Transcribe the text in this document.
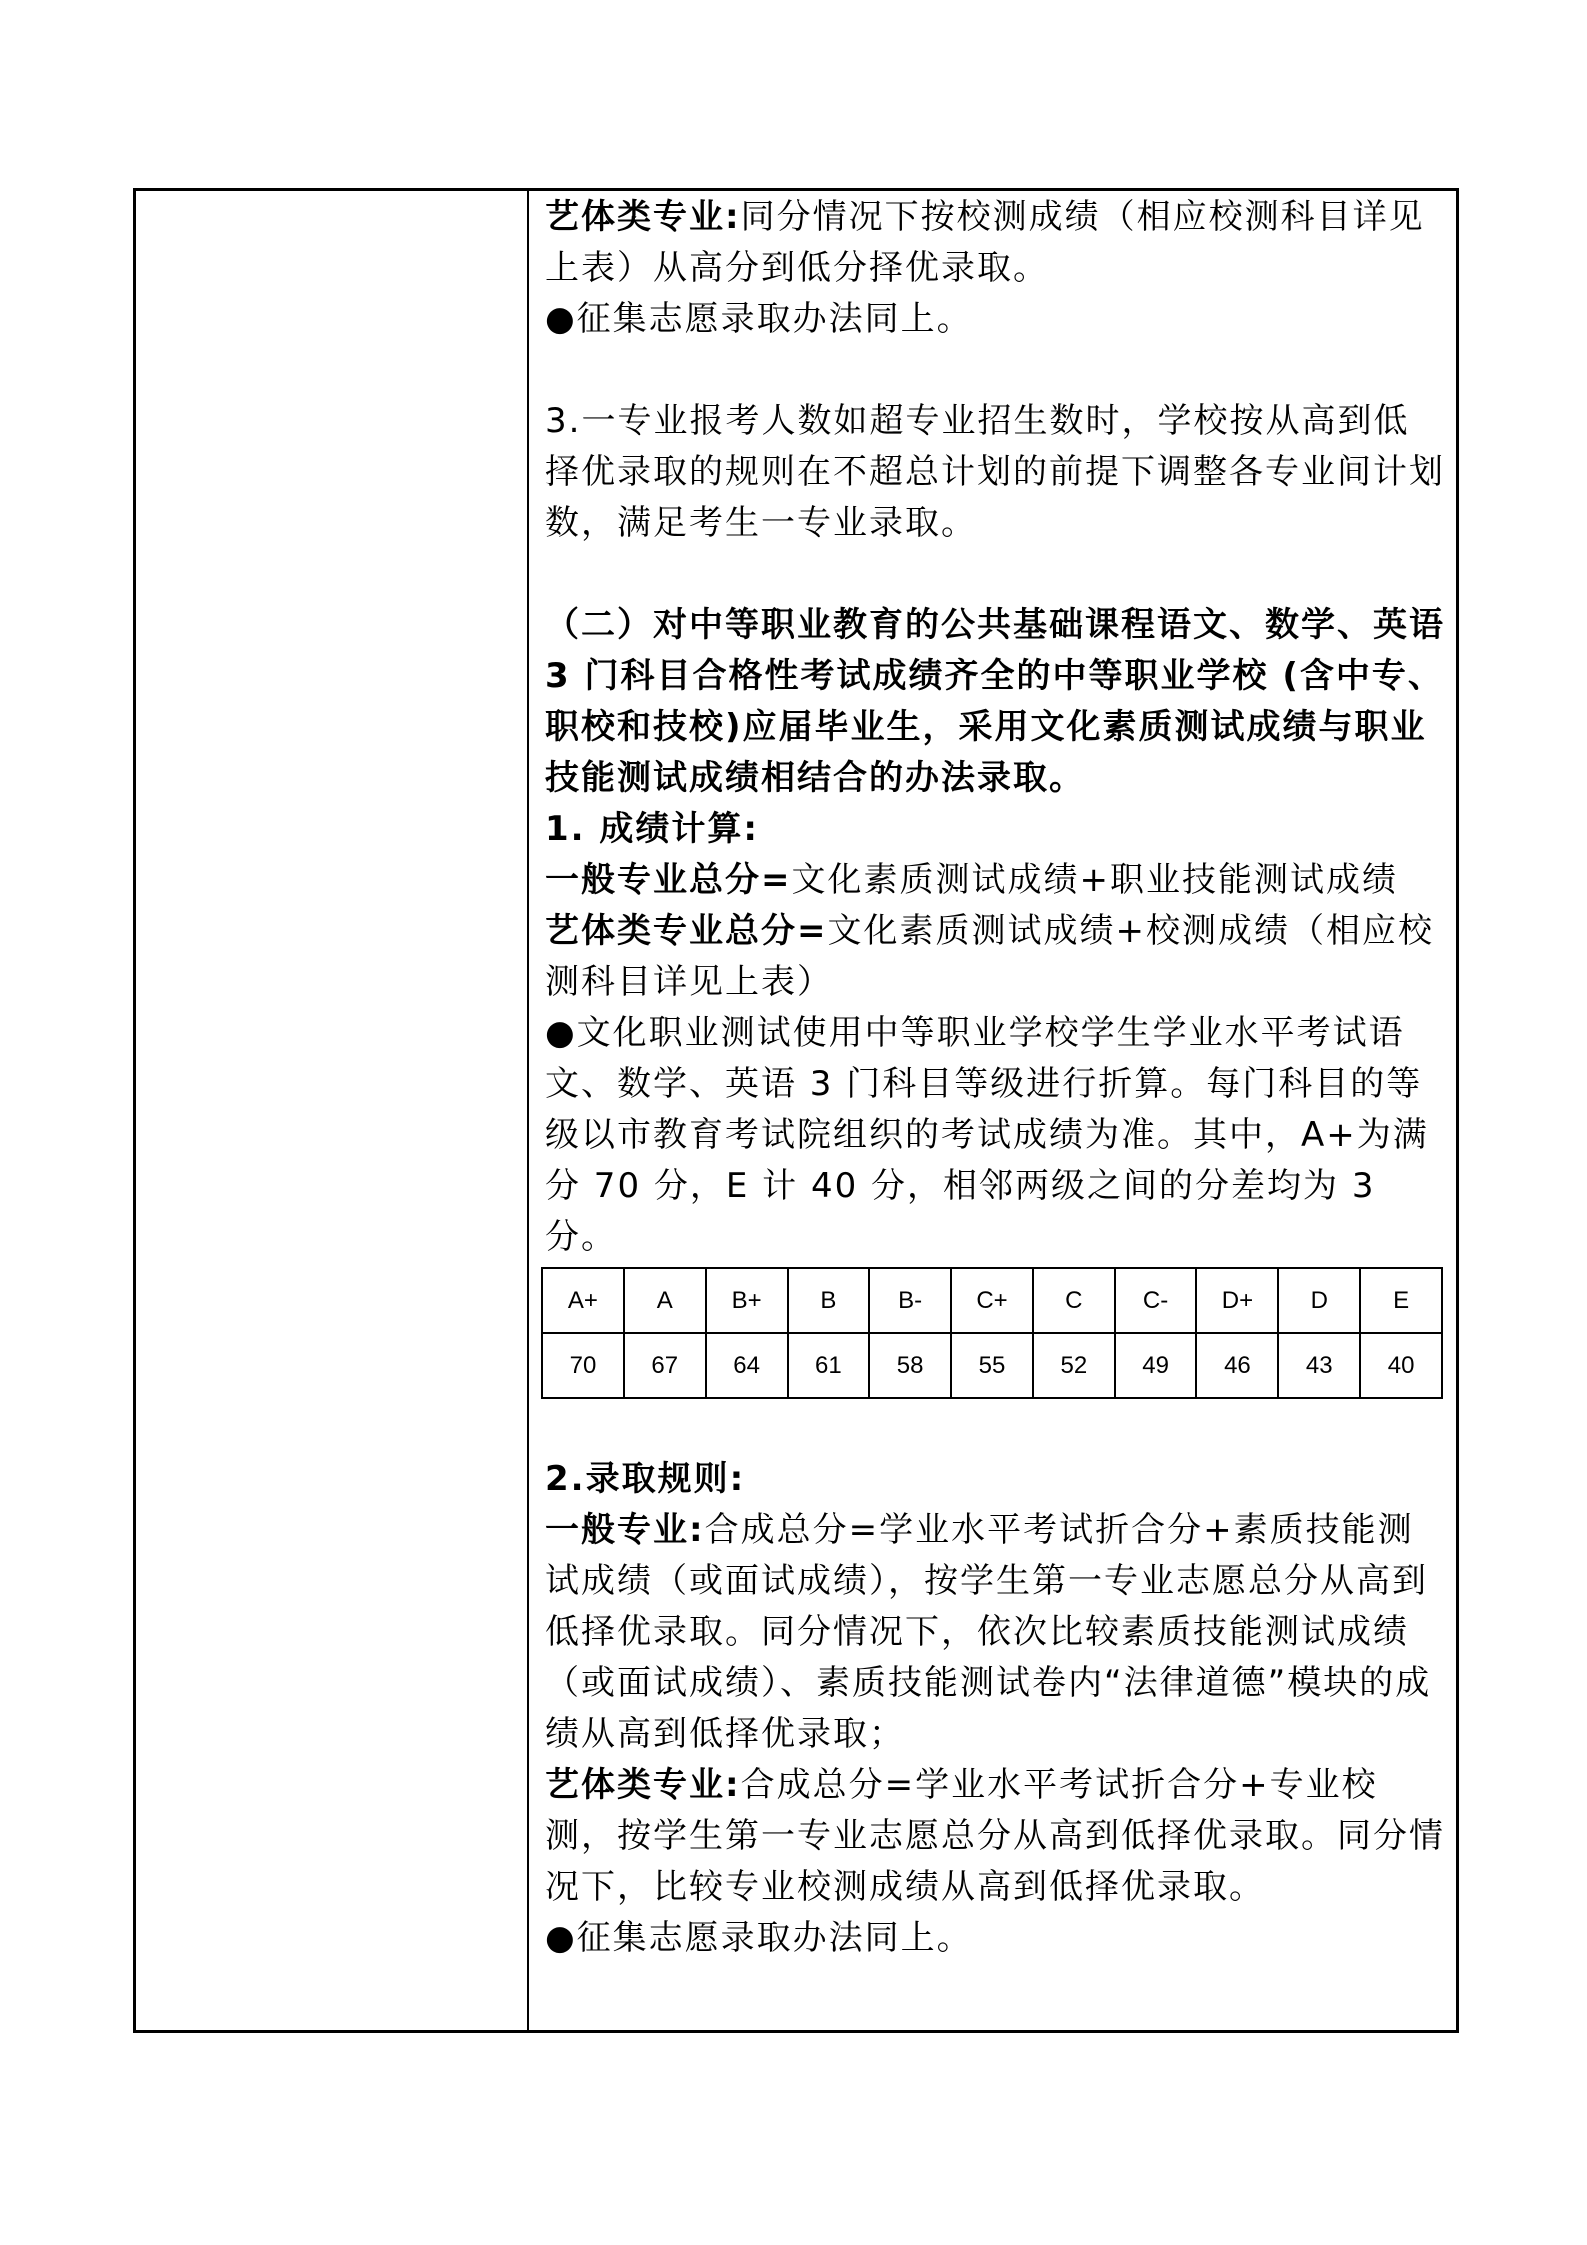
艺体类专业:同分情况下按校测成绩（相应校测科目详见上表）从高分到低分择优录取。

●征集志愿录取办法同上。

3.一专业报考人数如超专业招生数时，学校按从高到低择优录取的规则在不超总计划的前提下调整各专业间计划数，满足考生一专业录取。

（二）对中等职业教育的公共基础课程语文、数学、英语 3 门科目合格性考试成绩齐全的中等职业学校 (含中专、职校和技校)应届毕业生，采用文化素质测试成绩与职业技能测试成绩相结合的办法录取。

1. 成绩计算:

一般专业总分=文化素质测试成绩+职业技能测试成绩

艺体类专业总分=文化素质测试成绩+校测成绩（相应校测科目详见上表）

●文化职业测试使用中等职业学校学生学业水平考试语文、数学、英语 3 门科目等级进行折算。每门科目的等级以市教育考试院组织的考试成绩为准。其中，A+为满分 70 分，E 计 40 分，相邻两级之间的分差均为 3 分。

A+	A	B+	B	B-	C+	C	C-	D+	D	E
70	67	64	61	58	55	52	49	46	43	40

2.录取规则:

一般专业:合成总分=学业水平考试折合分+素质技能测试成绩（或面试成绩），按学生第一专业志愿总分从高到低择优录取。同分情况下，依次比较素质技能测试成绩（或面试成绩）、素质技能测试卷内“法律道德”模块的成绩从高到低择优录取；

艺体类专业:合成总分=学业水平考试折合分+专业校测，按学生第一专业志愿总分从高到低择优录取。同分情况下，比较专业校测成绩从高到低择优录取。

●征集志愿录取办法同上。
